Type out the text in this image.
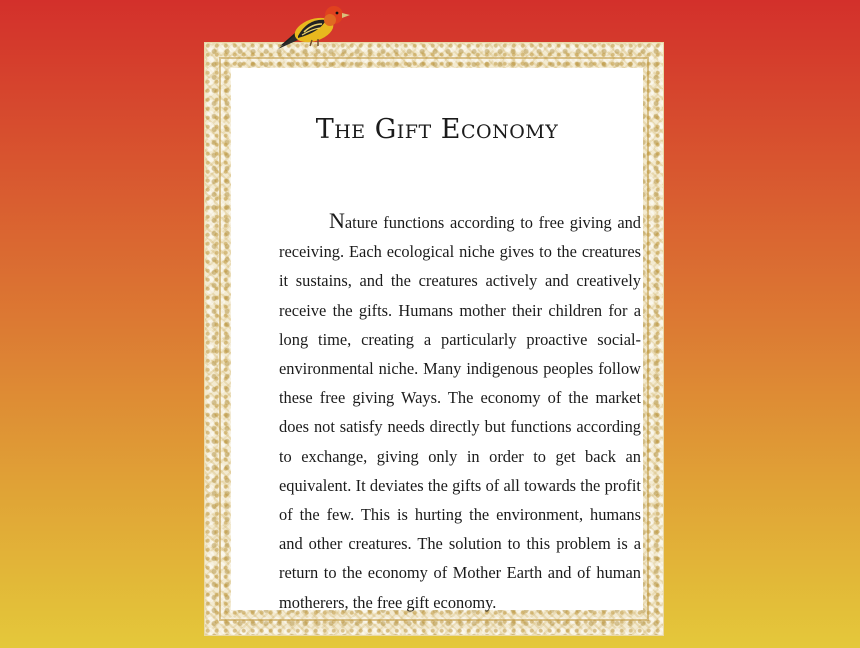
The Gift Economy

Nature functions according to free giving and receiving. Each ecological niche gives to the creatures it sustains, and the creatures actively and creatively receive the gifts. Humans mother their children for a long time, creating a particularly proactive social-environmental niche. Many indigenous peoples follow these free giving Ways. The economy of the market does not satisfy needs directly but functions according to exchange, giving only in order to get back an equivalent. It deviates the gifts of all towards the profit of the few. This is hurting the environment, humans and other creatures. The solution to this problem is a return to the economy of Mother Earth and of human motherers, the free gift economy.
